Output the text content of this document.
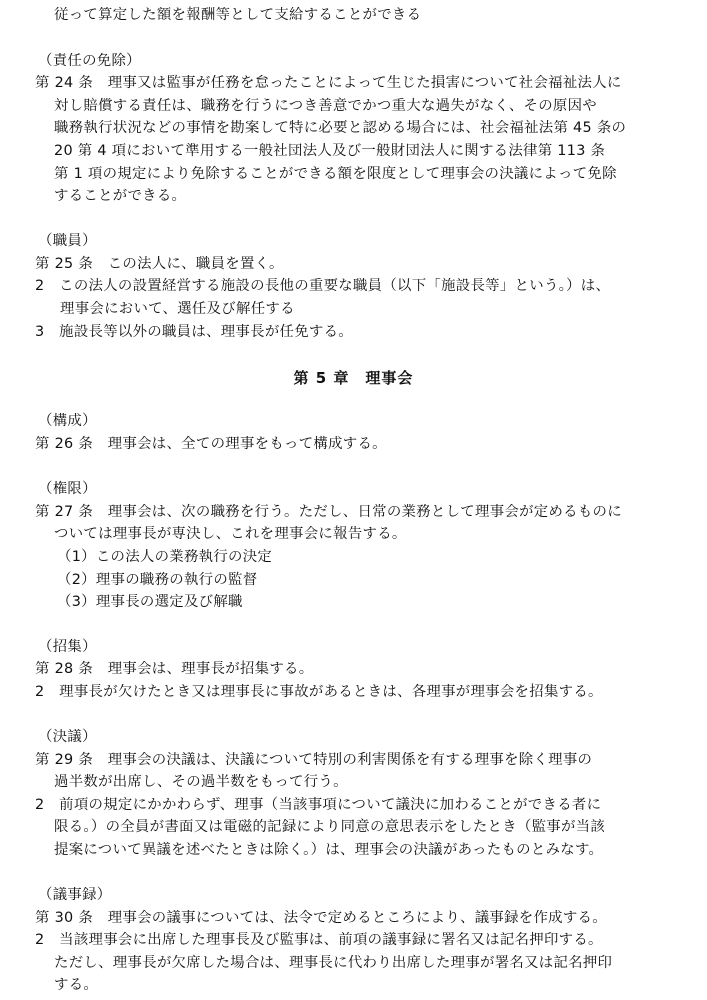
従って算定した額を報酬等として支給することができる
（責任の免除）
第 24 条　理事又は監事が任務を怠ったことによって生じた損害について社会福祉法人に
対し賠償する責任は、職務を行うにつき善意でかつ重大な過失がなく、その原因や
職務執行状況などの事情を勘案して特に必要と認める場合には、社会福祉法第 45 条の
20 第 4 項において準用する一般社団法人及び一般財団法人に関する法律第 113 条
第 1 項の規定により免除することができる額を限度として理事会の決議によって免除
することができる。
（職員）
第 25 条　この法人に、職員を置く。
2　この法人の設置経営する施設の長他の重要な職員（以下「施設長等」という。）は、
理事会において、選任及び解任する
3　施設長等以外の職員は、理事長が任免する。
第 5 章　理事会
（構成）
第 26 条　理事会は、全ての理事をもって構成する。
（権限）
第 27 条　理事会は、次の職務を行う。ただし、日常の業務として理事会が定めるものに
ついては理事長が専決し、これを理事会に報告する。
（1）この法人の業務執行の決定
（2）理事の職務の執行の監督
（3）理事長の選定及び解職
（招集）
第 28 条　理事会は、理事長が招集する。
2　理事長が欠けたとき又は理事長に事故があるときは、各理事が理事会を招集する。
（決議）
第 29 条　理事会の決議は、決議について特別の利害関係を有する理事を除く理事の
過半数が出席し、その過半数をもって行う。
2　前項の規定にかかわらず、理事（当該事項について議決に加わることができる者に
限る。）の全員が書面又は電磁的記録により同意の意思表示をしたとき（監事が当該
提案について異議を述べたときは除く。）は、理事会の決議があったものとみなす。
（議事録）
第 30 条　理事会の議事については、法令で定めるところにより、議事録を作成する。
2　当該理事会に出席した理事長及び監事は、前項の議事録に署名又は記名押印する。
ただし、理事長が欠席した場合は、理事長に代わり出席した理事が署名又は記名押印
する。
